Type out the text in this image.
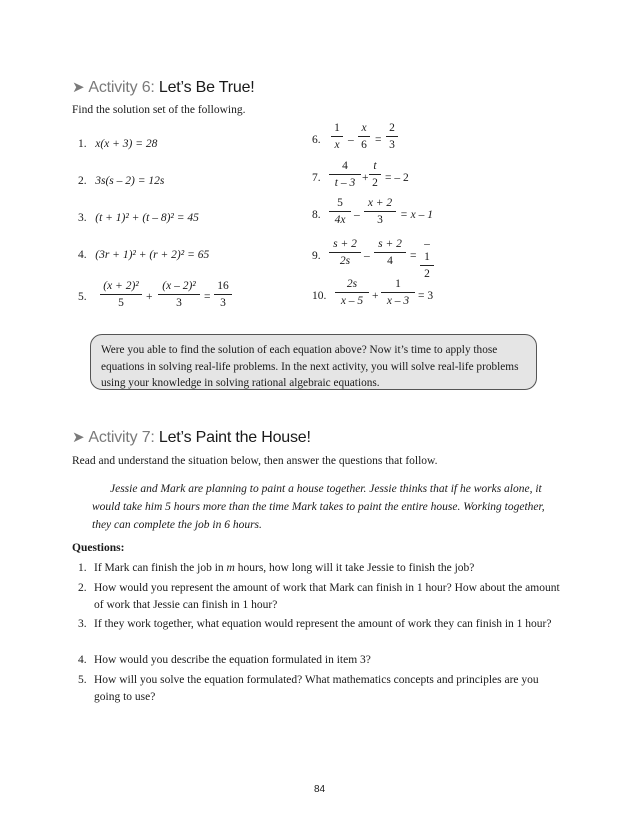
➤ Activity 6: Let’s Be True!
Find the solution set of the following.
1. x(x + 3) = 28
2. 3s(s – 2) = 12s
3. (t + 1)² + (t – 8)² = 45
4. (3r + 1)² + (r + 2)² = 65
5. $\frac{\text{(x + 2)²}}{5} + \frac{\text{(x – 2)²}}{3} = \frac{16}{3}$
6. $\frac{1}{x} - \frac{x}{6} = \frac{2}{3}$
7. $\frac{4}{t - 3} + \frac{t}{2}$ = – 2
8. $\frac{5}{4x} - \frac{x + 2}{3} = x - 1$
9. $\frac{s + 2}{2s} - \frac{s + 2}{4} = \frac{-1}{2}$
10. $\frac{2s}{x - 5} + \frac{1}{x - 3} = 3$
Were you able to find the solution of each equation above? Now it’s time to apply those
equations in solving real-life problems. In the next activity, you will solve real-life problems
using your knowledge in solving rational algebraic equations.
➤ Activity 7: Let’s Paint the House!
Read and understand the situation below, then answer the questions that follow.
Jessie and Mark are planning to paint a house together. Jessie thinks that if he works alone, it would take him 5 hours more than the time Mark takes to paint the entire house. Working together, they can complete the job in 6 hours.
Questions:
1. If Mark can finish the job in m hours, how long will it take Jessie to finish the job?
2. How would you represent the amount of work that Mark can finish in 1 hour? How about the amount of work that Jessie can finish in 1 hour?
3. If they work together, what equation would represent the amount of work they can finish in 1 hour?
4. How would you describe the equation formulated in item 3?
5. How will you solve the equation formulated? What mathematics concepts and principles are you going to use?
84
